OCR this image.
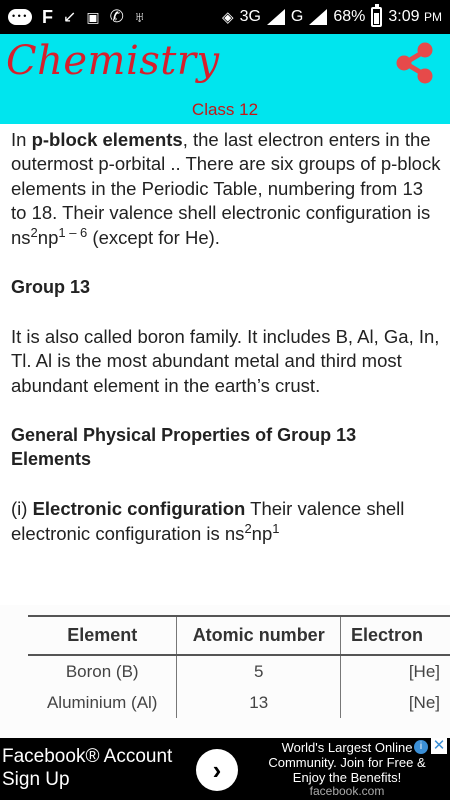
• • •
F ↙ ▣ ✆ ♅	◈ 3G G 68% 3:09 PM
Chemistry
Class 12

In p-block elements, the last electron enters in the outermost p-orbital .. There are six groups of p-block elements in the Periodic Table, numbering from 13 to 18. Their valence shell electronic configuration is $ns^2np^{1 - 6}$ (except for He).

Group 13

It is also called boron family. It includes B, Al, Ga, In, Tl. Al is the most abundant metal and third most abundant element in the earth’s crust.

General Physical Properties of Group 13 Elements

(i) Electronic configuration Their valence shell electronic configuration is $ns^2np^1$

Element	Atomic number	Electron
Boron (B)	5	[He]
Aluminium (Al)	13	[Ne]
Facebook® Account Sign Up	›
World's Largest Online Community. Join for Free & Enjoy the Benefits!
facebook.com
i ✕
